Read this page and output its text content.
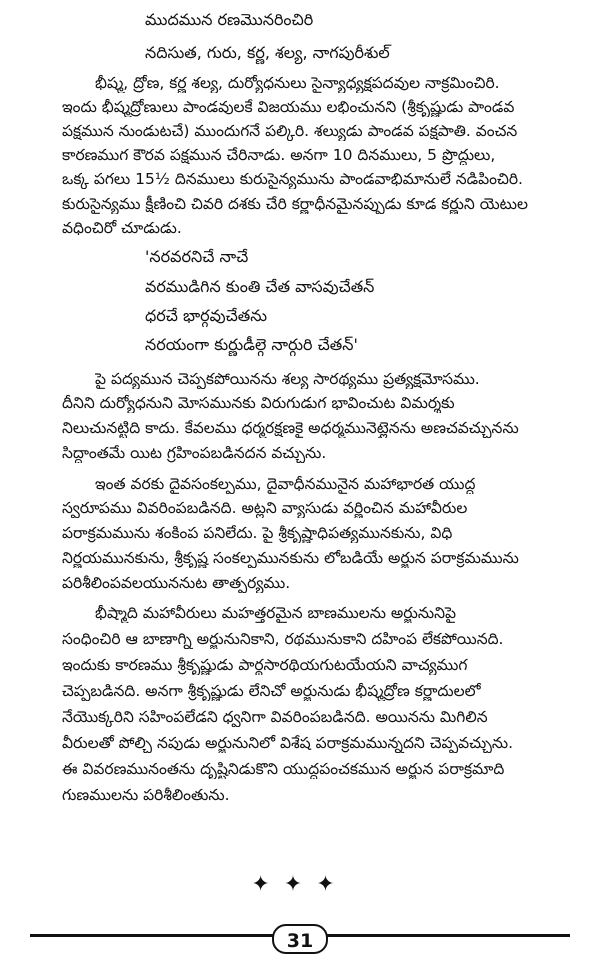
ముదమున రణమొనరించిరి
నదిసుత, గురు, కర్ణ, శల్య, నాగపురీశుల్
భీష్మ, ద్రోణ, కర్ణ శల్య, దుర్యోధనులు సైన్యాధ్యక్షపదవుల నాక్రమించిరి.
ఇందు భీష్మద్రోణులు పాండవులకే విజయము లభించునని (శ్రీకృష్ణుడు పాండవ
పక్షమున నుండుటచే) ముందుగనే పల్కిరి. శల్యుడు పాండవ పక్షపాతి. వంచన
కారణముగ కౌరవ పక్షమున చేరినాడు. అనగా 10 దినములు, 5 ప్రొద్దులు,
ఒక్క పగలు 15½ దినములు కురుసైన్యమును పాండవాభిమానులే నడిపించిరి.
కురుసైన్యము క్షీణించి చివరి దశకు చేరి కర్ణాధీనమైనప్పుడు కూడ కర్ణుని యెటుల
వధించిరో చూడుడు.
'నరవరనిచే నాచే
వరముడిగిన కుంతి చేత వాసవుచేతన్
ధరచే భార్గవుచేతను
నరయంగా కుర్ణుడీల్గె నార్గురి చేతన్'
పై పద్యమున చెప్పకపోయినను శల్య సారథ్యము ప్రత్యక్షమోసము.
దీనిని దుర్యోధనుని మోసమునకు విరుగుడుగ భావించుట విమర్శకు
నిలుచునట్టిది కాదు. కేవలము ధర్మరక్షణకై అధర్మమునెట్లైనను అణచవచ్చునను
సిద్ధాంతమే యిట గ్రహింపబడినదన వచ్చును.
ఇంత వరకు దైవసంకల్పము, దైవాధీనమునైన మహాభారత యుద్ధ
స్వరూపము వివరింపబడినది. అట్లని వ్యాసుడు వర్ణించిన మహావీరుల
పరాక్రమమును శంకింప పనిలేదు. పై శ్రీకృష్ణాధిపత్యమునకును, విధి
నిర్ణయమునకును, శ్రీకృష్ణ సంకల్పమునకును లోబడియే అర్జున పరాక్రమమును
పరిశీలింపవలయుననుట తాత్పర్యము.
భీష్మాది మహావీరులు మహత్తరమైన బాణములను అర్జునునిపై
సంధించిరి ఆ బాణాగ్ని అర్జునునికాని, రథమునుకాని దహింప లేకపోయినది.
ఇందుకు కారణము శ్రీకృష్ణుడు పార్థసారథియగుటయేయని వాచ్యముగ
చెప్పబడినది. అనగా శ్రీకృష్ణుడు లేనిచో అర్జునుడు భీష్మద్రోణ కర్ణాదులలో
నేయొక్కరిని సహింపలేడని ధ్వనిగా వివరింపబడినది. అయినను మిగిలిన
వీరులతో పోల్చి నపుడు అర్జునునిలో విశేష పరాక్రమమున్నదని చెప్పవచ్చును.
ఈ వివరణమునంతను దృష్టినిడుకొని యుద్ధపంచకమున అర్జున పరాక్రమాది
గుణములను పరిశీలింతును.
✦✦✦
31
